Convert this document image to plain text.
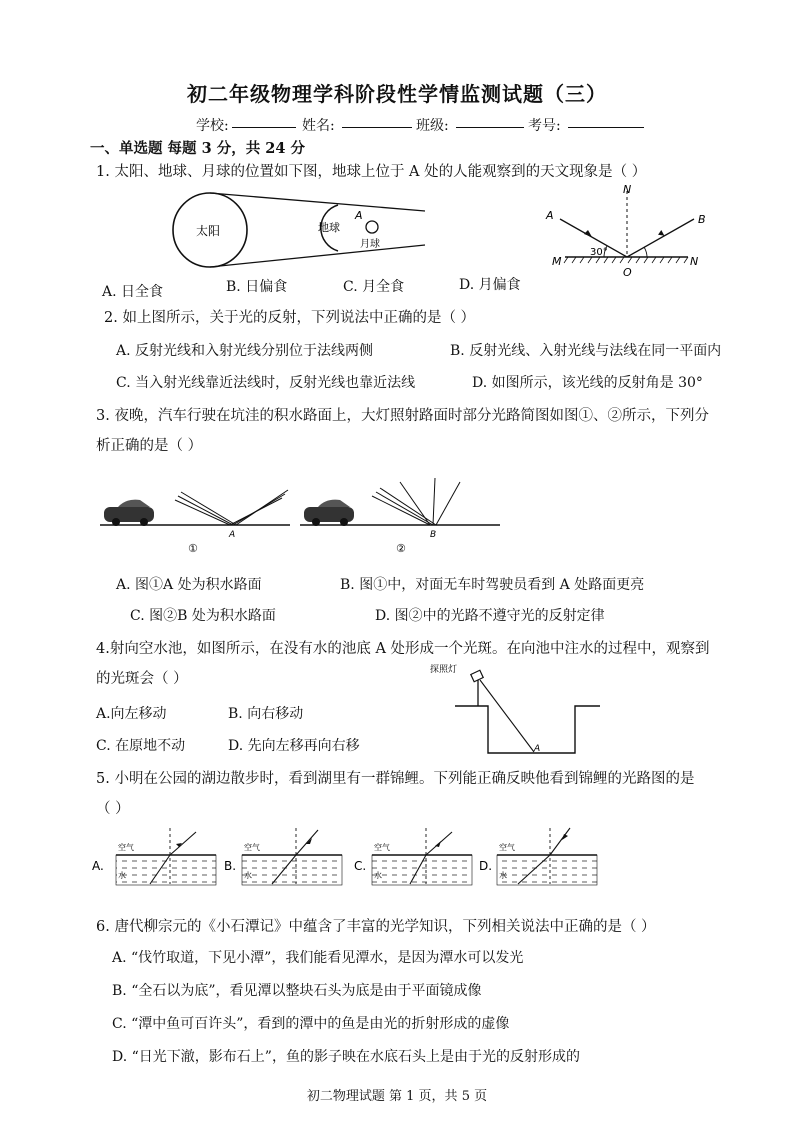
初二年级物理学科阶段性学情监测试题（三）
学校:	姓名:	班级:	考号:
一、单选题 每题 3 分，共 24 分
1. 太阳、地球、月球的位置如下图，地球上位于 A 处的人能观察到的天文现象是（ ）
太阳	地球
A
月球
A	B
N
M
O
N
30°
A. 日全食	B. 日偏食	C. 月全食	D. 月偏食
2. 如上图所示，关于光的反射，下列说法中正确的是（ ）
A. 反射光线和入射光线分别位于法线两侧	B. 反射光线、入射光线与法线在同一平面内
C. 当入射光线靠近法线时，反射光线也靠近法线	D. 如图所示，该光线的反射角是 30°
3. 夜晚，汽车行驶在坑洼的积水路面上，大灯照射路面时部分光路简图如图①、②所示，下列分
析正确的是（ ）
①
A
②
B
A. 图①A 处为积水路面	B. 图①中，对面无车时驾驶员看到 A 处路面更亮
C. 图②B 处为积水路面	D. 图②中的光路不遵守光的反射定律
4.射向空水池，如图所示，在没有水的池底 A 处形成一个光斑。在向池中注水的过程中，观察到
的光斑会（ ）
探照灯
A
A.向左移动	B. 向右移动
C. 在原地不动	D. 先向左移再向右移
5. 小明在公园的湖边散步时，看到湖里有一群锦鲤。下列能正确反映他看到锦鲤的光路图的是
（ ）
A.
空气
水
B.
空气
水
C.
空气
水
D.
空气
水
6. 唐代柳宗元的《小石潭记》中蕴含了丰富的光学知识，下列相关说法中正确的是（ ）
A. “伐竹取道，下见小潭”，我们能看见潭水，是因为潭水可以发光
B. “全石以为底”，看见潭以整块石头为底是由于平面镜成像
C. “潭中鱼可百许头”，看到的潭中的鱼是由光的折射形成的虚像
D. “日光下澈，影布石上”，鱼的影子映在水底石头上是由于光的反射形成的
初二物理试题 第 1 页，共 5 页
